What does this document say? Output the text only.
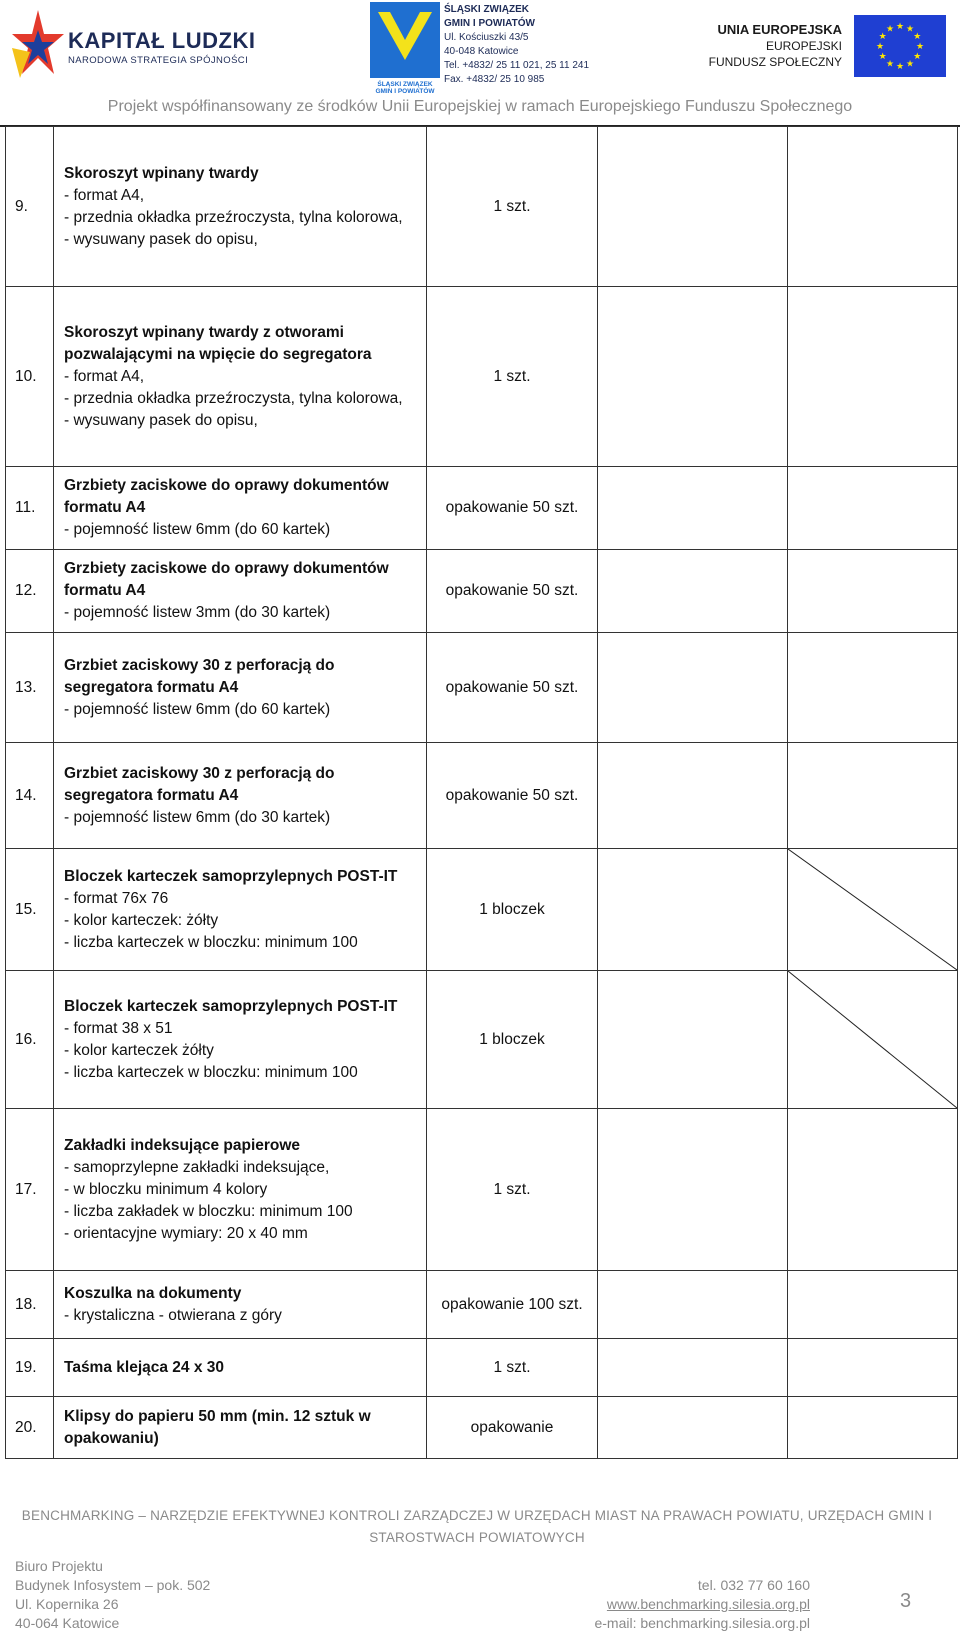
KAPITAŁ LUDZKI
NARODOWA STRATEGIA SPÓJNOŚCI
ŚLĄSKI ZWIĄZEK
GMIN I POWIATÓW
ŚLĄSKI ZWIĄZEK
GMIN I POWIATÓW
Ul. Kościuszki 43/5
40-048 Katowice
Tel. +4832/ 25 11 021, 25 11 241
Fax. +4832/ 25 10 985
UNIA EUROPEJSKA
EUROPEJSKI
FUNDUSZ SPOŁECZNY
★
★
★
★
★
★
★
★
★ ★ ★
★
Projekt współfinansowany ze środków Unii Europejskiej w ramach Europejskiego Funduszu Społecznego
9.	Skoroszyt wpinany twardy
- format A4,
- przednia okładka przeźroczysta, tylna kolorowa,
- wysuwany pasek do opisu,	1 szt.		
10.	Skoroszyt wpinany twardy z otworami pozwalającymi na wpięcie do segregatora
- format A4,
- przednia okładka przeźroczysta, tylna kolorowa,
- wysuwany pasek do opisu,	1 szt.		
11.	Grzbiety zaciskowe do oprawy dokumentów formatu A4
- pojemność listew 6mm (do 60 kartek)	opakowanie 50 szt.		
12.	Grzbiety zaciskowe do oprawy dokumentów formatu A4
- pojemność listew 3mm (do 30 kartek)	opakowanie 50 szt.		
13.	Grzbiet zaciskowy 30 z perforacją do segregatora formatu A4
- pojemność listew 6mm (do 60 kartek)	opakowanie 50 szt.		
14.	Grzbiet zaciskowy 30 z perforacją do segregatora formatu A4
- pojemność listew 6mm (do 30 kartek)	opakowanie 50 szt.		
15.	Bloczek karteczek samoprzylepnych POST-IT
- format 76x 76
- kolor karteczek: żółty
- liczba karteczek w bloczku: minimum 100	1 bloczek		

16.	Bloczek karteczek samoprzylepnych POST-IT
- format 38 x 51
- kolor karteczek żółty
- liczba karteczek w bloczku: minimum 100	1 bloczek		

17.	Zakładki indeksujące papierowe
- samoprzylepne zakładki indeksujące,
- w bloczku minimum 4 kolory
- liczba zakładek w bloczku: minimum 100
- orientacyjne wymiary: 20 x 40 mm	1 szt.		
18.	Koszulka na dokumenty
- krystaliczna - otwierana z góry	opakowanie 100 szt.		
19.	Taśma klejąca 24 x 30	1 szt.		
20.	Klipsy do papieru 50 mm (min. 12 sztuk w opakowaniu)	opakowanie		
BENCHMARKING – NARZĘDZIE EFEKTYWNEJ KONTROLI ZARZĄDCZEJ W URZĘDACH MIAST NA PRAWACH POWIATU, URZĘDACH GMIN I STAROSTWACH POWIATOWYCH
Biuro Projektu
Budynek Infosystem – pok. 502
Ul. Kopernika 26
40-064 Katowice
tel. 032 77 60 160
www.benchmarking.silesia.org.pl
e-mail: benchmarking.silesia.org.pl
3
